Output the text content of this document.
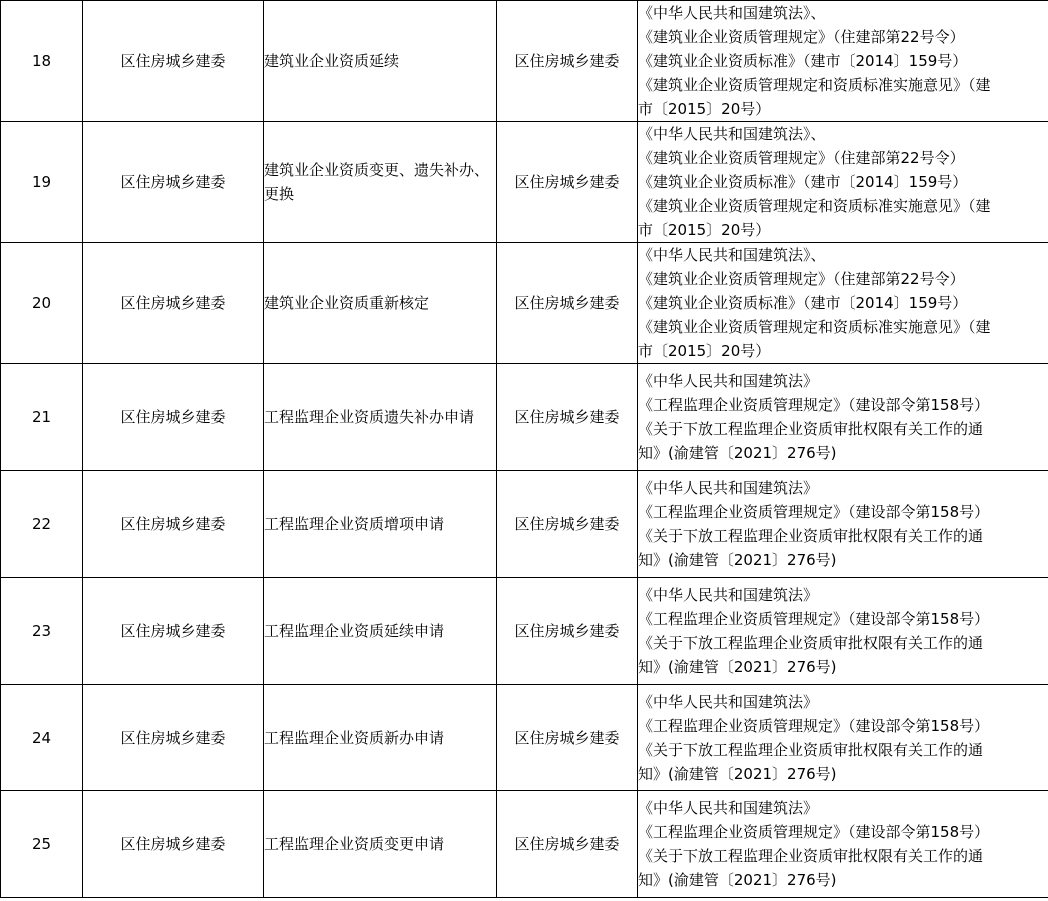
18	区住房城乡建委	建筑业企业资质延续	区住房城乡建委	《中华人民共和国建筑法》、
《建筑业企业资质管理规定》（住建部第22号令）
《建筑业企业资质标准》（建市〔2014〕159号）
《建筑业企业资质管理规定和资质标准实施意见》（建
市〔2015〕20号）

19	区住房城乡建委	建筑业企业资质变更、遗失补办、更换	区住房城乡建委	《中华人民共和国建筑法》、
《建筑业企业资质管理规定》（住建部第22号令）
《建筑业企业资质标准》（建市〔2014〕159号）
《建筑业企业资质管理规定和资质标准实施意见》（建
市〔2015〕20号）

20	区住房城乡建委	建筑业企业资质重新核定	区住房城乡建委	《中华人民共和国建筑法》、
《建筑业企业资质管理规定》（住建部第22号令）
《建筑业企业资质标准》（建市〔2014〕159号）
《建筑业企业资质管理规定和资质标准实施意见》（建
市〔2015〕20号）

21	区住房城乡建委	工程监理企业资质遗失补办申请	区住房城乡建委	《中华人民共和国建筑法》
《工程监理企业资质管理规定》（建设部令第158号）
《关于下放工程监理企业资质审批权限有关工作的通
知》(渝建管〔2021〕276号)

22	区住房城乡建委	工程监理企业资质增项申请	区住房城乡建委	《中华人民共和国建筑法》
《工程监理企业资质管理规定》（建设部令第158号）
《关于下放工程监理企业资质审批权限有关工作的通
知》(渝建管〔2021〕276号)

23	区住房城乡建委	工程监理企业资质延续申请	区住房城乡建委	《中华人民共和国建筑法》
《工程监理企业资质管理规定》（建设部令第158号）
《关于下放工程监理企业资质审批权限有关工作的通
知》(渝建管〔2021〕276号)

24	区住房城乡建委	工程监理企业资质新办申请	区住房城乡建委	《中华人民共和国建筑法》
《工程监理企业资质管理规定》（建设部令第158号）
《关于下放工程监理企业资质审批权限有关工作的通
知》(渝建管〔2021〕276号)

25	区住房城乡建委	工程监理企业资质变更申请	区住房城乡建委	《中华人民共和国建筑法》
《工程监理企业资质管理规定》（建设部令第158号）
《关于下放工程监理企业资质审批权限有关工作的通
知》(渝建管〔2021〕276号)
